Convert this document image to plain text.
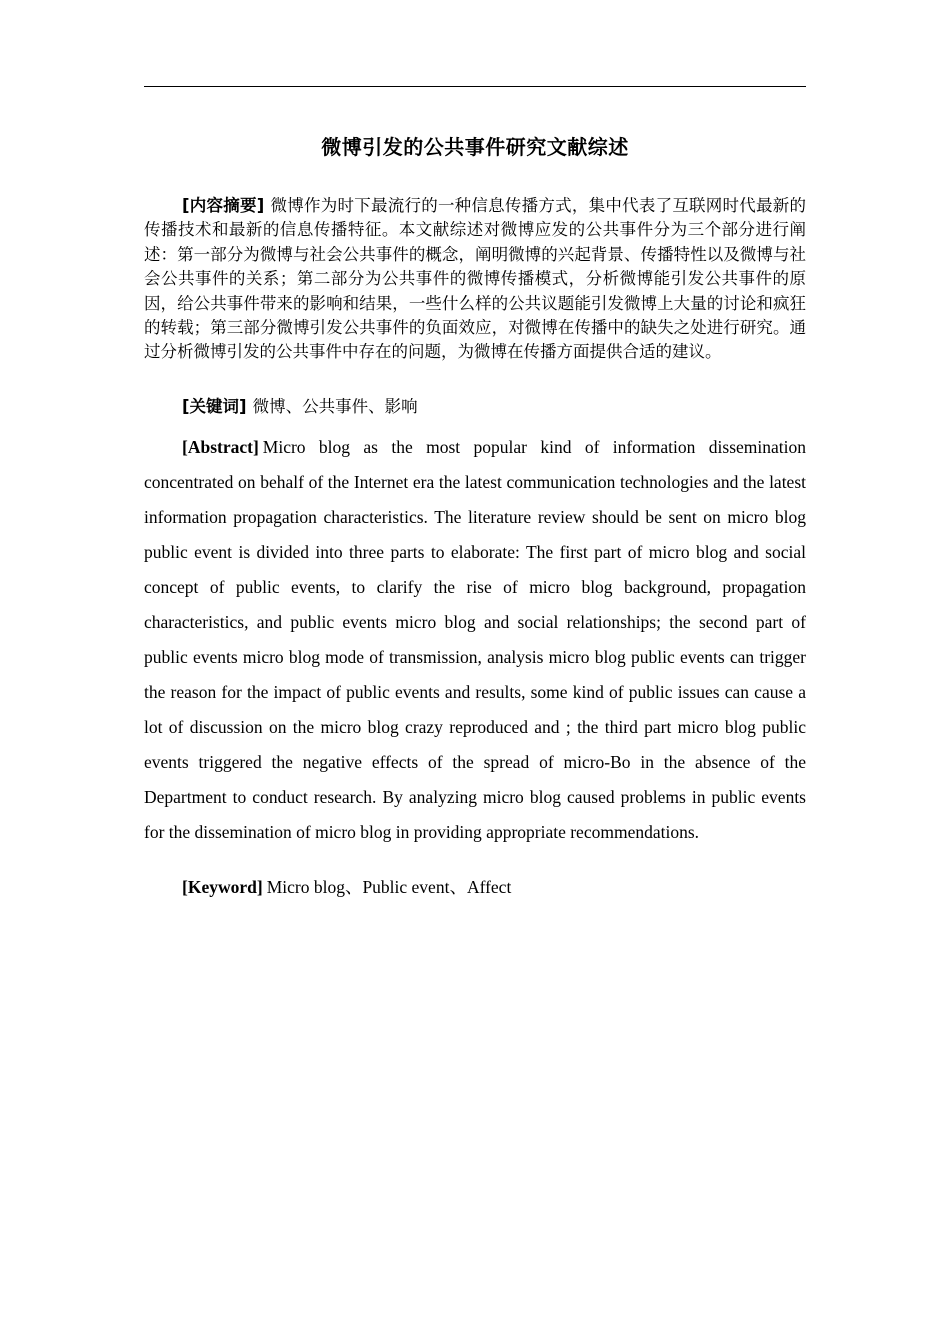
微博引发的公共事件研究文献综述

[内容摘要] 微博作为时下最流行的一种信息传播方式，集中代表了互联网时代最新的传播技术和最新的信息传播特征。本文献综述对微博应发的公共事件分为三个部分进行阐述：第一部分为微博与社会公共事件的概念，阐明微博的兴起背景、传播特性以及微博与社会公共事件的关系；第二部分为公共事件的微博传播模式，分析微博能引发公共事件的原因，给公共事件带来的影响和结果，一些什么样的公共议题能引发微博上大量的讨论和疯狂的转载；第三部分微博引发公共事件的负面效应，对微博在传播中的缺失之处进行研究。通过分析微博引发的公共事件中存在的问题，为微博在传播方面提供合适的建议。

[关键词] 微博、公共事件、影响

[Abstract] Micro blog as the most popular kind of information dissemination concentrated on behalf of the Internet era the latest communication technologies and the latest information propagation characteristics. The literature review should be sent on micro blog public event is divided into three parts to elaborate: The first part of micro blog and social concept of public events, to clarify the rise of micro blog background, propagation characteristics, and public events micro blog and social relationships; the second part of public events micro blog mode of transmission, analysis micro blog public events can trigger the reason for the impact of public events and results, some kind of public issues can cause a lot of discussion on the micro blog crazy reproduced and ; the third part micro blog public events triggered the negative effects of the spread of micro-Bo in the absence of the Department to conduct research. By analyzing micro blog caused problems in public events for the dissemination of micro blog in providing appropriate recommendations.

[Keyword] Micro blog、Public event、Affect
